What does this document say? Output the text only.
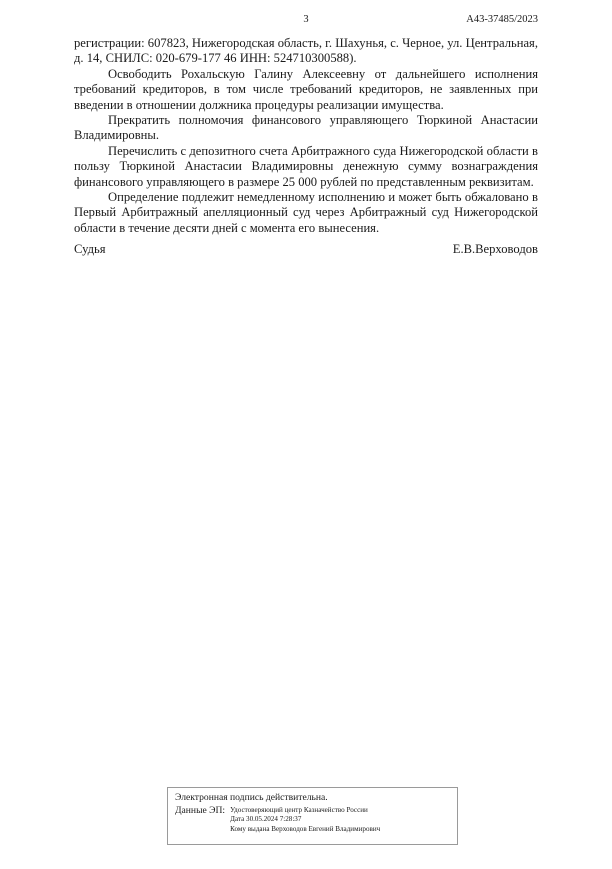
3	А43-37485/2023

регистрации: 607823, Нижегородская область, г. Шахунья, с. Черное, ул. Центральная, д. 14, СНИЛС: 020-679-177 46 ИНН: 524710300588).

Освободить Рохальскую Галину Алексеевну от дальнейшего исполнения требований кредиторов, в том числе требований кредиторов, не заявленных при введении в отношении должника процедуры реализации имущества.

Прекратить полномочия финансового управляющего Тюркиной Анастасии Владимировны.

Перечислить с депозитного счета Арбитражного суда Нижегородской области в пользу Тюркиной Анастасии Владимировны денежную сумму вознаграждения финансового управляющего в размере 25 000 рублей по представленным реквизитам.

Определение подлежит немедленному исполнению и может быть обжаловано в Первый Арбитражный апелляционный суд через Арбитражный суд Нижегородской области в течение десяти дней с момента его вынесения.

Судья	Е.В.Верховодов
Электронная подпись действительна.
Данные ЭП: Удостоверяющий центр Казначейство России
Дата 30.05.2024 7:28:37
Кому выдана Верховодов Евгений Владимирович
